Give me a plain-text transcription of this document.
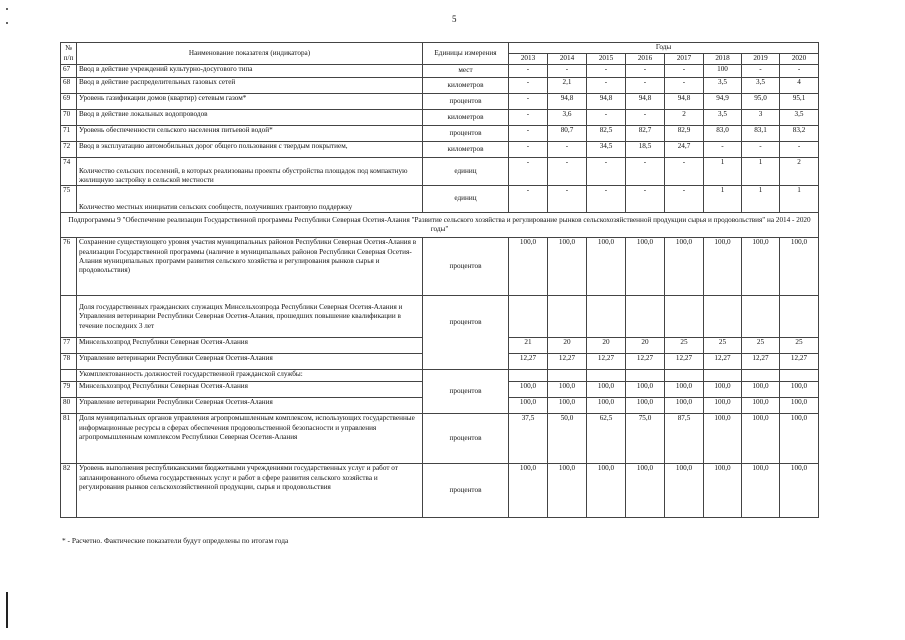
5
№ п/п	Наименование показателя (индикатора)	Единицы измерения	Годы							
			2013	2014	2015	2016	2017	2018	2019	2020
67	Ввод в действие учреждений культурно-досугового типа	мест	-	-	-	-	-	100	-	-
68	Ввод в действие распределительных газовых сетей	километров	-	2,1	-	-	-	3,5	3,5	4
69	Уровень газификации домов (квартир) сетевым газом*	процентов	-	94,8	94,8	94,8	94,8	94,9	95,0	95,1
70	Ввод в действие локальных водопроводов	километров	-	3,6	-	-	2	3,5	3	3,5
71	Уровень обеспеченности сельского населения питьевой водой*	процентов	-	80,7	82,5	82,7	82,9	83,0	83,1	83,2
72	Ввод в эксплуатацию автомобильных дорог общего пользования с твердым покрытием,	километров	-	-	34,5	18,5	24,7	-	-	-
74	Количество сельских поселений, в которых реализованы проекты обустройства площадок под компактную жилищную застройку в сельской местности	единиц	-	-	-	-	-	1	1	2
75	Количество местных инициатив сельских сообществ, получивших грантовую поддержку	единиц	-	-	-	-	-	1	1	1
Подпрограммы 9 "Обеспечение реализации Государственной программы Республики Северная Осетия-Алания "Развитие сельского хозяйства и регулирование рынков сельскохозяйственной продукции сырья и продовольствия" на 2014 - 2020 годы"										
76	Сохранение существующего уровня участия муниципальных районов Республики Северная Осетия-Алания в реализации Государственной программы (наличие в муниципальных районов Республики Северная Осетия-Алания муниципальных программ развития сельского хозяйства и регулирования рынков сырья и продовольствия)	процентов	100,0	100,0	100,0	100,0	100,0	100,0	100,0	100,0
	Доля государственных гражданских служащих Минсельхозпрода Республики Северная Осетия-Алания и Управления ветеринарии Республики Северная Осетия-Алания, прошедших повышение квалификации в течение последних 3 лет	процентов								
77	Минсельхозпрод Республики Северная Осетия-Алания		21	20	20	20	25	25	25	25
78	Управление ветеринарии Республики Северная Осетия-Алания		12,27	12,27	12,27	12,27	12,27	12,27	12,27	12,27
	Укомплектованность должностей государственной гражданской службы:	процентов								
79	Минсельхозпрод Республики Северная Осетия-Алания		100,0	100,0	100,0	100,0	100,0	100,0	100,0	100,0
80	Управление ветеринарии Республики Северная Осетия-Алания		100,0	100,0	100,0	100,0	100,0	100,0	100,0	100,0
81	Доля муниципальных органов управления агропромышленным комплексом, использующих государственные информационные ресурсы в сферах обеспечения продовольственной безопасности и управления агропромышленным комплексом Республики Северная Осетия-Алания	процентов	37,5	50,0	62,5	75,0	87,5	100,0	100,0	100,0
82	Уровень выполнения республиканскими бюджетными учреждениями государственных услуг и работ от запланированного объема государственных услуг и работ в сфере развития сельского хозяйства и регулирования рынков сельскохозяйственной продукции, сырья и продовольствия	процентов	100,0	100,0	100,0	100,0	100,0	100,0	100,0	100,0
* - Расчетно. Фактические показатели будут определены по итогам года
